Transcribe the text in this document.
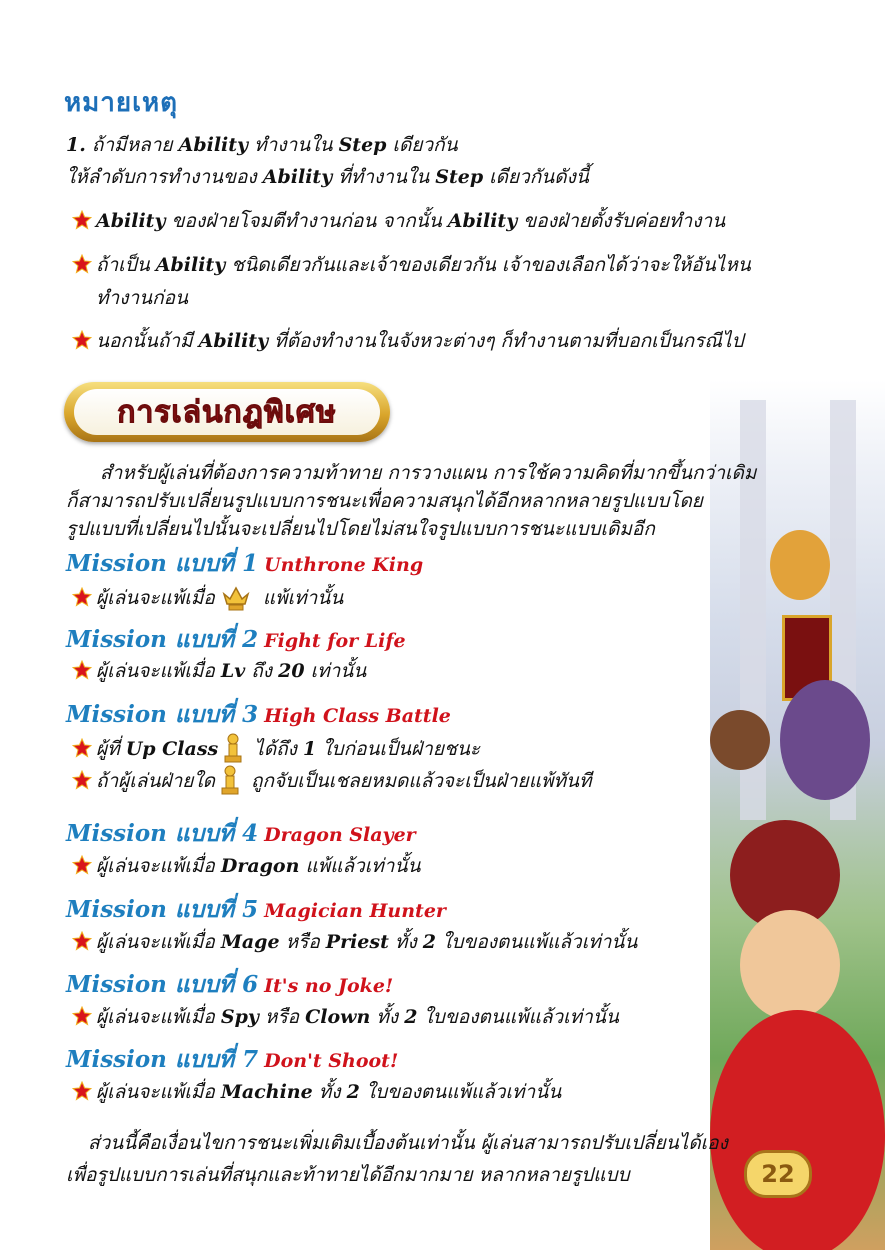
หมายเหตุ
1. ถ้ามีหลาย Ability ทำงานใน Step เดียวกัน
ให้ลำดับการทำงานของ Ability ที่ทำงานใน Step เดียวกันดังนี้
Ability ของฝ่ายโจมตีทำงานก่อน จากนั้น Ability ของฝ่ายตั้งรับค่อยทำงาน
ถ้าเป็น Ability ชนิดเดียวกันและเจ้าของเดียวกัน เจ้าของเลือกได้ว่าจะให้อันไหน
ทำงานก่อน
นอกนั้นถ้ามี Ability ที่ต้องทำงานในจังหวะต่างๆ ก็ทำงานตามที่บอกเป็นกรณีไป
การเล่นกฎพิเศษ
สำหรับผู้เล่นที่ต้องการความท้าทาย การวางแผน การใช้ความคิดที่มากขึ้นกว่าเดิม
ก็สามารถปรับเปลี่ยนรูปแบบการชนะเพื่อความสนุกได้อีกหลากหลายรูปแบบโดย
รูปแบบที่เปลี่ยนไปนั้นจะเปลี่ยนไปโดยไม่สนใจรูปแบบการชนะแบบเดิมอีก
Mission แบบที่ 1 Unthrone King
ผู้เล่นจะแพ้เมื่อ แพ้เท่านั้น
Mission แบบที่ 2 Fight for Life
ผู้เล่นจะแพ้เมื่อ Lv ถึง 20 เท่านั้น
Mission แบบที่ 3 High Class Battle
ผู้ที่ Up Class ได้ถึง 1 ใบก่อนเป็นฝ่ายชนะ
ถ้าผู้เล่นฝ่ายใด ถูกจับเป็นเชลยหมดแล้วจะเป็นฝ่ายแพ้ทันที
Mission แบบที่ 4 Dragon Slayer
ผู้เล่นจะแพ้เมื่อ Dragon แพ้แล้วเท่านั้น
Mission แบบที่ 5 Magician Hunter
ผู้เล่นจะแพ้เมื่อ Mage หรือ Priest ทั้ง 2 ใบของตนแพ้แล้วเท่านั้น
Mission แบบที่ 6 It's no Joke!
ผู้เล่นจะแพ้เมื่อ Spy หรือ Clown ทั้ง 2 ใบของตนแพ้แล้วเท่านั้น
Mission แบบที่ 7 Don't Shoot!
ผู้เล่นจะแพ้เมื่อ Machine ทั้ง 2 ใบของตนแพ้แล้วเท่านั้น
ส่วนนี้คือเงื่อนไขการชนะเพิ่มเติมเบื้องต้นเท่านั้น ผู้เล่นสามารถปรับเปลี่ยนได้เอง
เพื่อรูปแบบการเล่นที่สนุกและท้าทายได้อีกมากมาย หลากหลายรูปแบบ	22
